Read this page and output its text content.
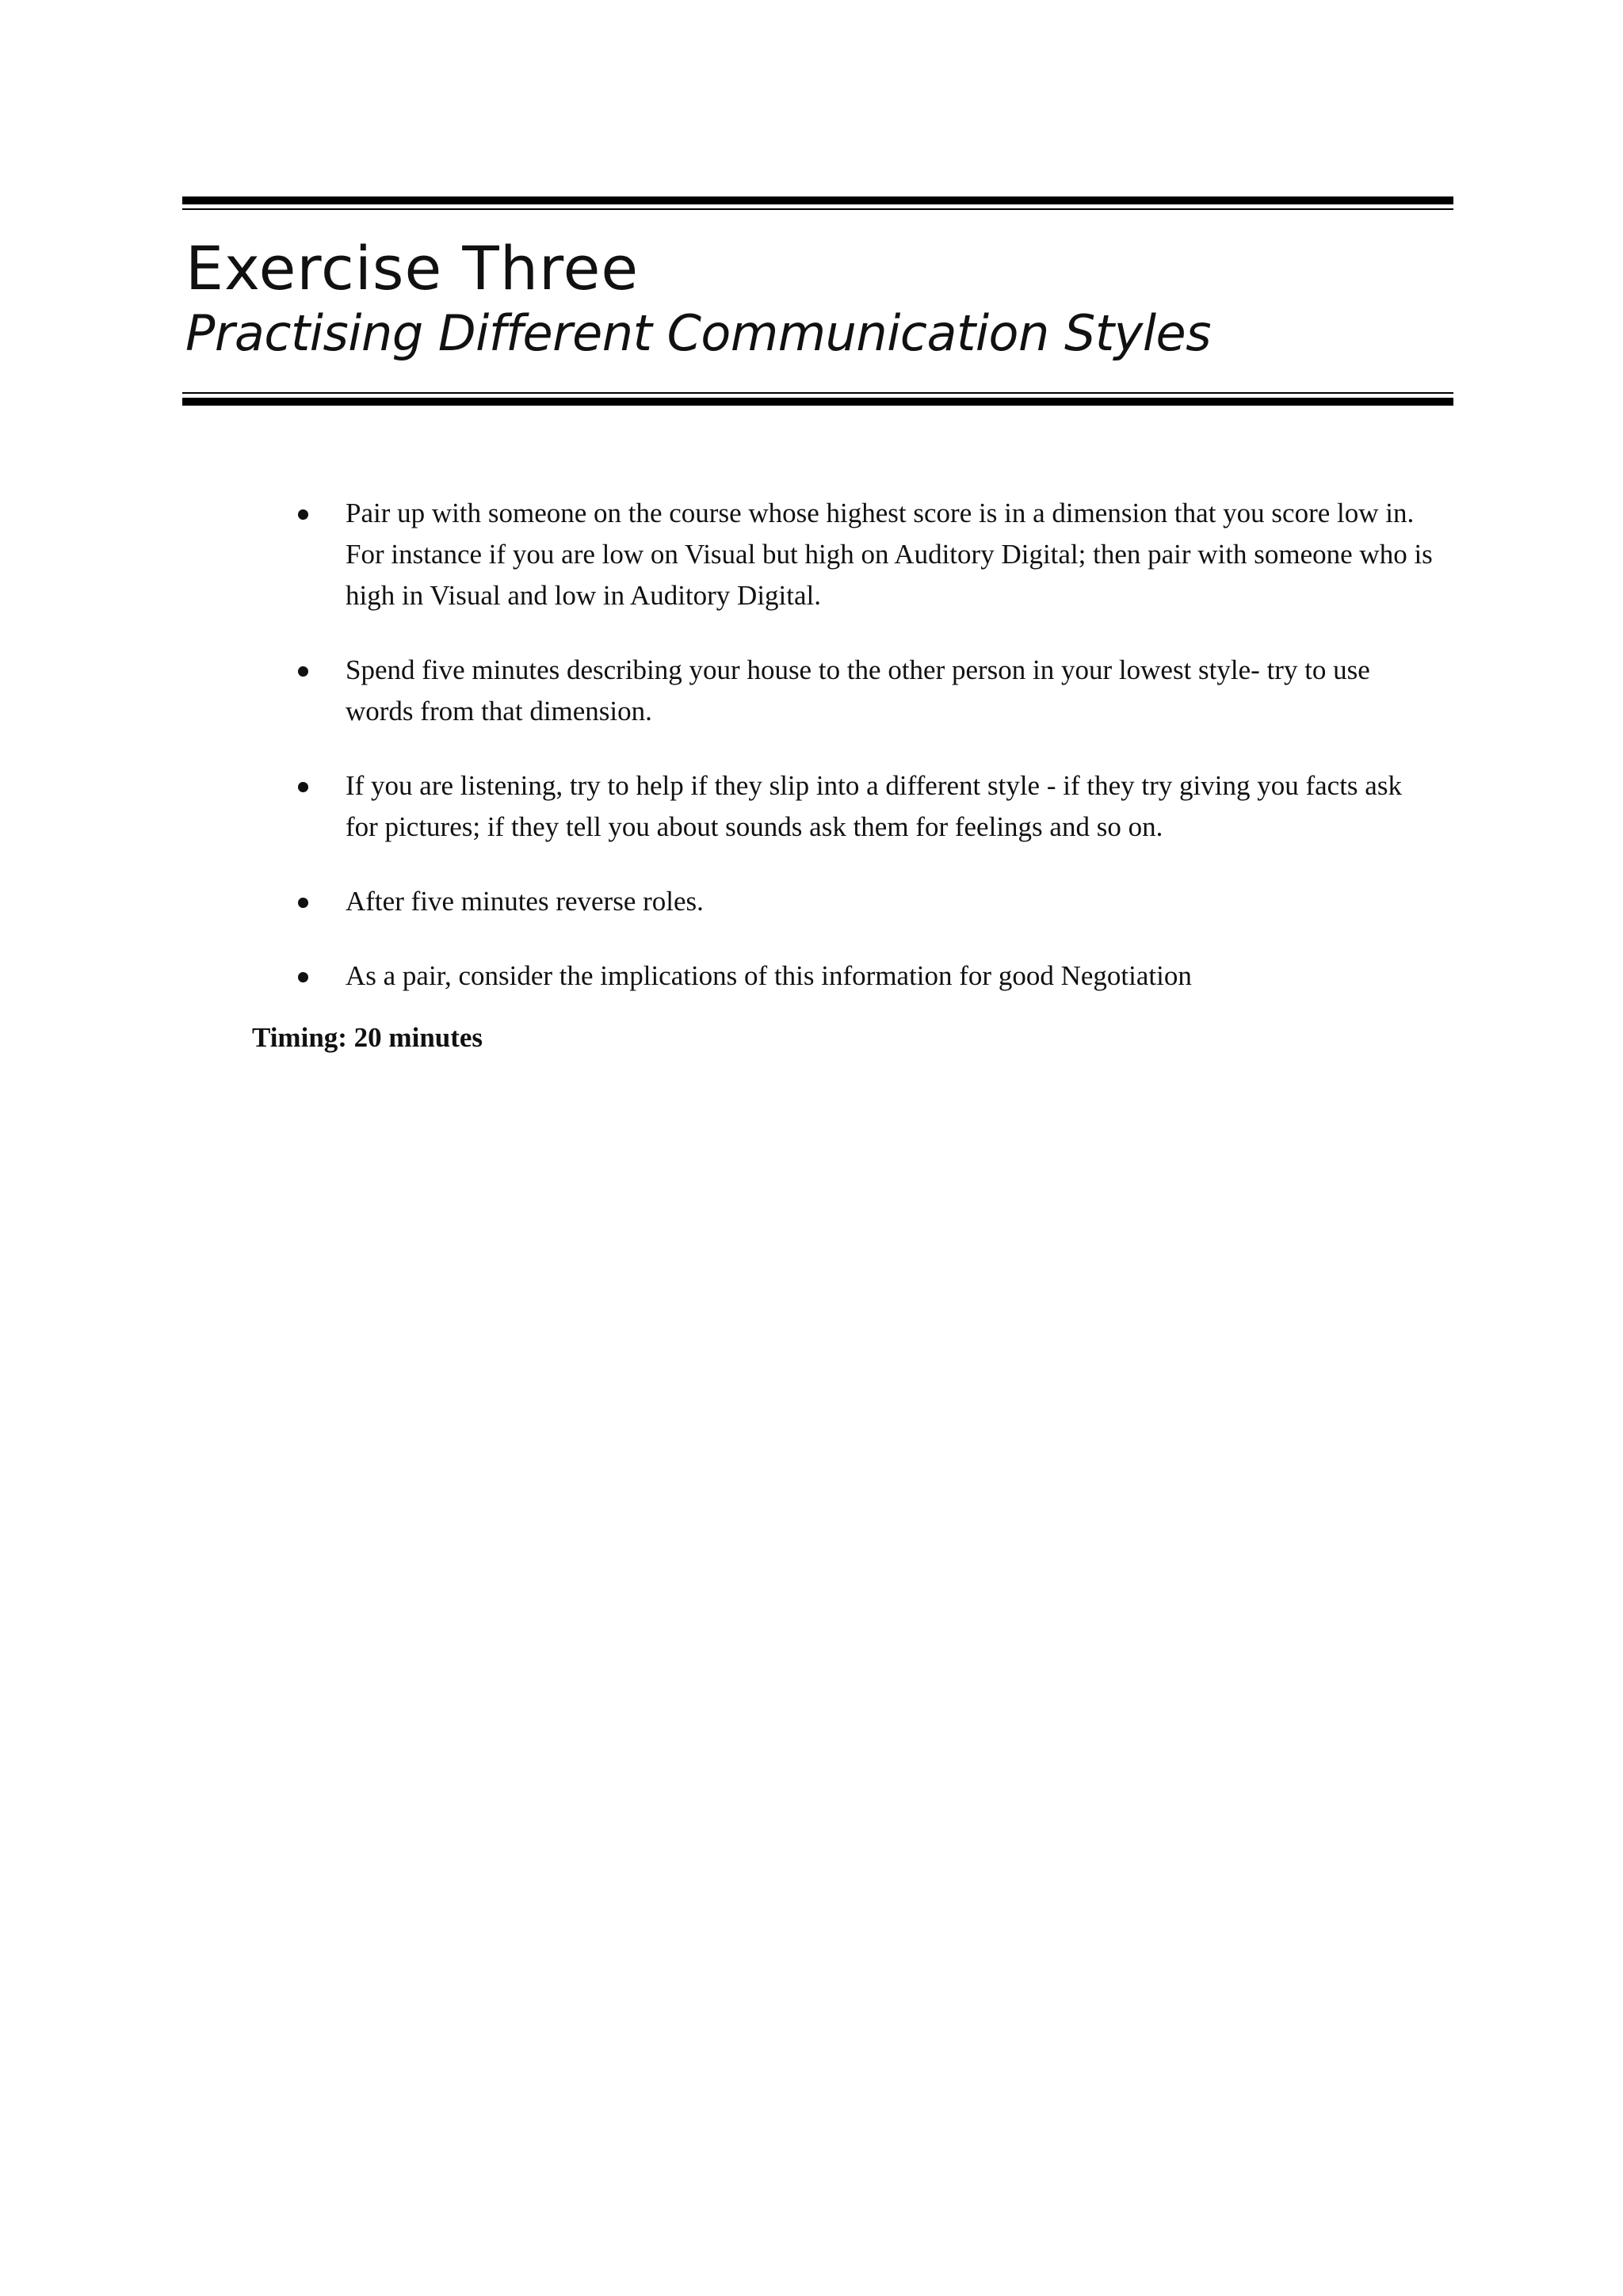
Exercise Three
Practising Different Communication Styles
Pair up with someone on the course whose highest score is in a dimension that you score low in. For instance if you are low on Visual but high on Auditory Digital; then pair with someone who is high in Visual and low in Auditory Digital.
Spend five minutes describing your house to the other person in your lowest style- try to use words from that dimension.
If you are listening, try to help if they slip into a different style - if they try giving you facts ask for pictures; if they tell you about sounds ask them for feelings and so on.
After five minutes reverse roles.
As a pair, consider the implications of this information for good Negotiation
Timing: 20 minutes
